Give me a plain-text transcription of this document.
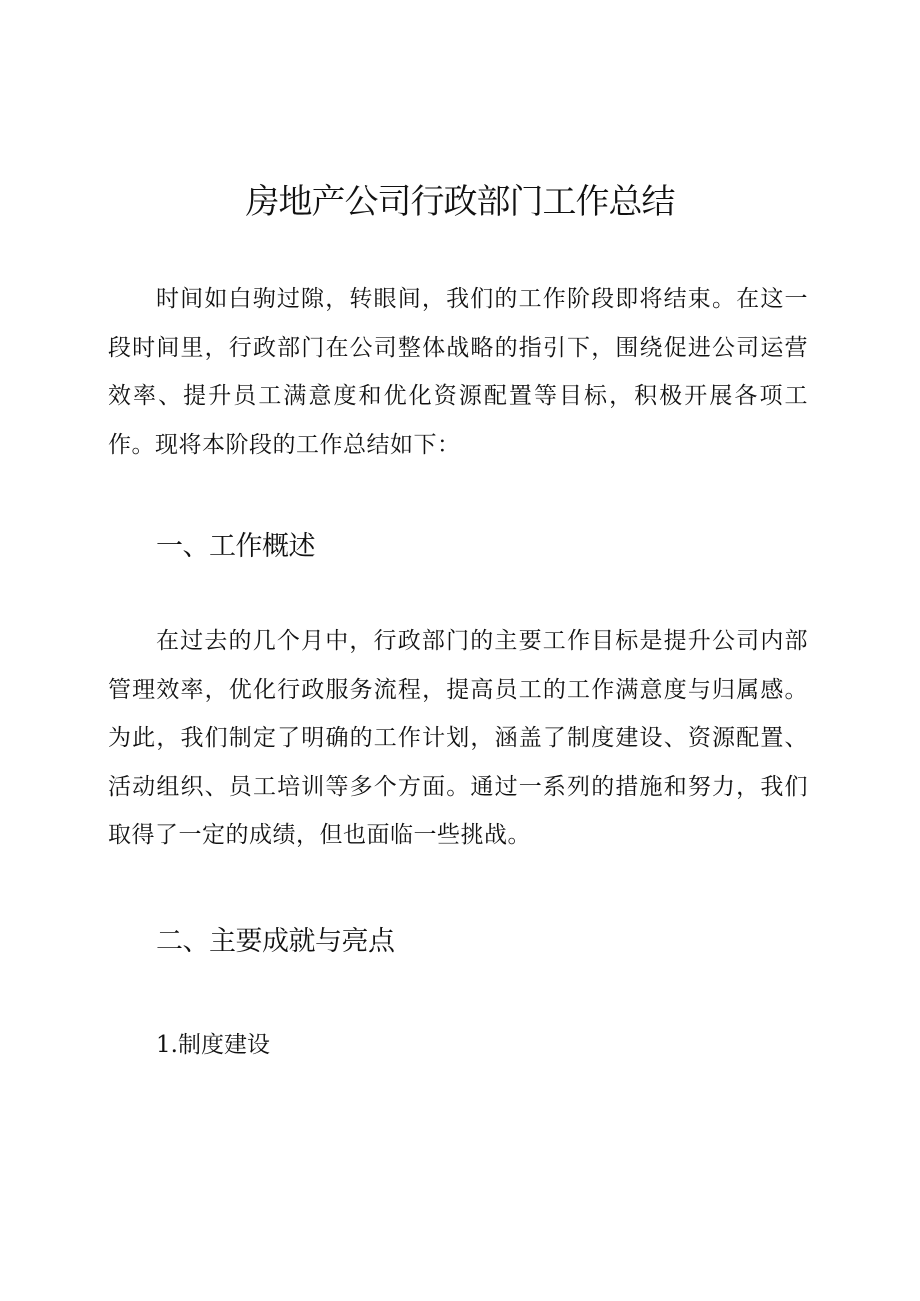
房地产公司行政部门工作总结

时间如白驹过隙，转眼间，我们的工作阶段即将结束。在这一段时间里，行政部门在公司整体战略的指引下，围绕促进公司运营效率、提升员工满意度和优化资源配置等目标，积极开展各项工作。现将本阶段的工作总结如下：

一、工作概述

在过去的几个月中，行政部门的主要工作目标是提升公司内部管理效率，优化行政服务流程，提高员工的工作满意度与归属感。为此，我们制定了明确的工作计划，涵盖了制度建设、资源配置、活动组织、员工培训等多个方面。通过一系列的措施和努力，我们取得了一定的成绩，但也面临一些挑战。

二、主要成就与亮点

1.制度建设
